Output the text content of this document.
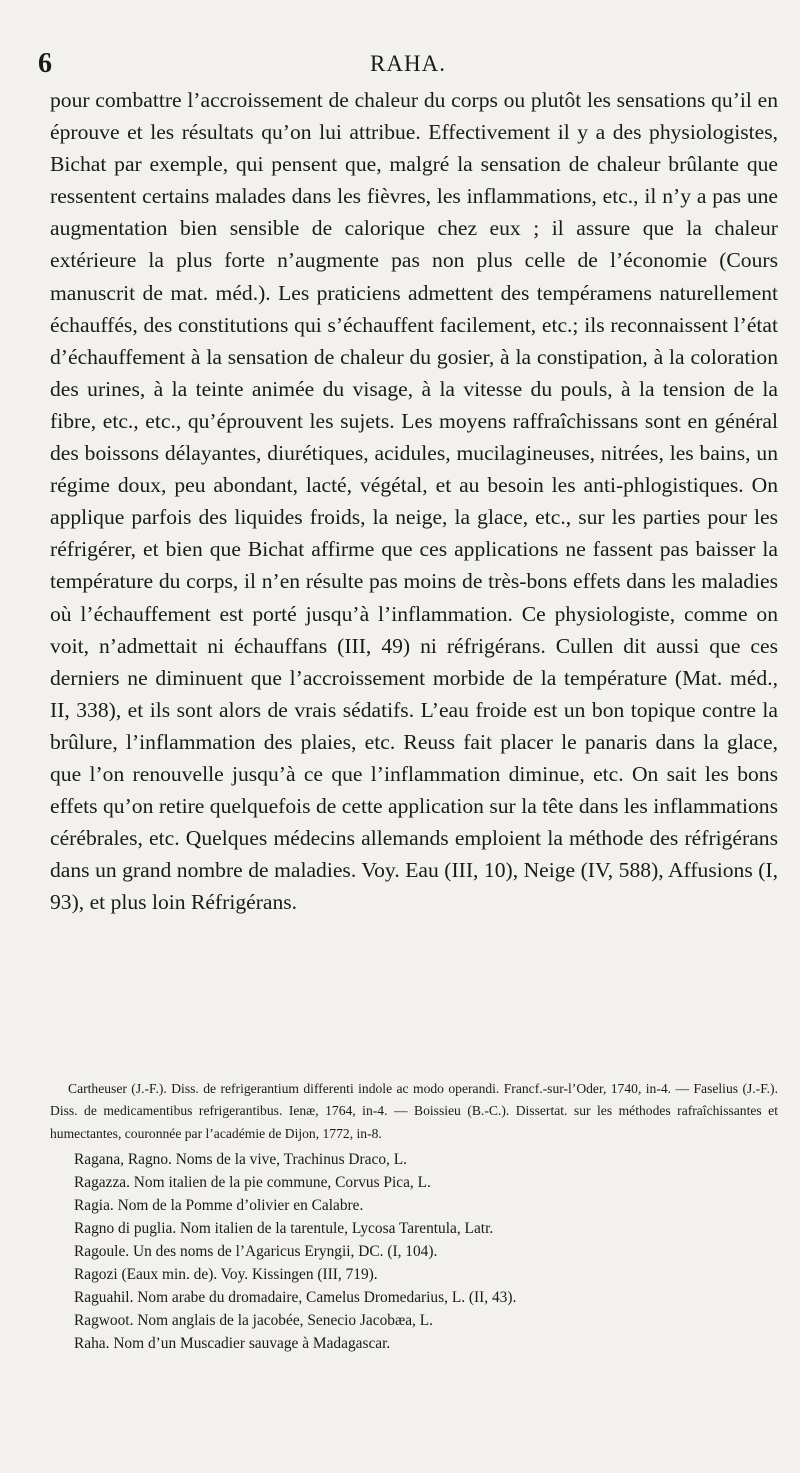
6	RAHA.

pour combattre l’accroissement de chaleur du corps ou plutôt les sensations qu’il en éprouve et les résultats qu’on lui attribue. Effectivement il y a des physiologistes, Bichat par exemple, qui pensent que, malgré la sensation de chaleur brûlante que ressentent certains malades dans les fièvres, les inflammations, etc., il n’y a pas une augmentation bien sensible de calorique chez eux ; il assure que la chaleur extérieure la plus forte n’augmente pas non plus celle de l’économie (Cours manuscrit de mat. méd.). Les praticiens admettent des tempéramens naturellement échauffés, des constitutions qui s’échauffent facilement, etc.; ils reconnaissent l’état d’échauffement à la sensation de chaleur du gosier, à la constipation, à la coloration des urines, à la teinte animée du visage, à la vitesse du pouls, à la tension de la fibre, etc., etc., qu’éprouvent les sujets. Les moyens raffraîchissans sont en général des boissons délayantes, diurétiques, acidules, mucilagineuses, nitrées, les bains, un régime doux, peu abondant, lacté, végétal, et au besoin les anti-phlogistiques. On applique parfois des liquides froids, la neige, la glace, etc., sur les parties pour les réfrigérer, et bien que Bichat affirme que ces applications ne fassent pas baisser la température du corps, il n’en résulte pas moins de très-bons effets dans les maladies où l’échauffement est porté jusqu’à l’inflammation. Ce physiologiste, comme on voit, n’admettait ni échauffans (III, 49) ni réfrigérans. Cullen dit aussi que ces derniers ne diminuent que l’accroissement morbide de la température (Mat. méd., II, 338), et ils sont alors de vrais sédatifs. L’eau froide est un bon topique contre la brûlure, l’inflammation des plaies, etc. Reuss fait placer le panaris dans la glace, que l’on renouvelle jusqu’à ce que l’inflammation diminue, etc. On sait les bons effets qu’on retire quelquefois de cette application sur la tête dans les inflammations cérébrales, etc. Quelques médecins allemands emploient la méthode des réfrigérans dans un grand nombre de maladies. Voy. Eau (III, 10), Neige (IV, 588), Affusions (I, 93), et plus loin Réfrigérans.

Cartheuser (J.-F.). Diss. de refrigerantium differenti indole ac modo operandi. Francf.-sur-l’Oder, 1740, in-4. — Faselius (J.-F.). Diss. de medicamentibus refrigerantibus. Ienæ, 1764, in-4. — Boissieu (B.-C.). Dissertat. sur les méthodes rafraîchissantes et humectantes, couronnée par l’académie de Dijon, 1772, in-8.

Ragana, Ragno. Noms de la vive, Trachinus Draco, L.
Ragazza. Nom italien de la pie commune, Corvus Pica, L.
Ragia. Nom de la Pomme d’olivier en Calabre.
Ragno di puglia. Nom italien de la tarentule, Lycosa Tarentula, Latr.
Ragoule. Un des noms de l’Agaricus Eryngii, DC. (I, 104).
Ragozi (Eaux min. de). Voy. Kissingen (III, 719).
Raguahil. Nom arabe du dromadaire, Camelus Dromedarius, L. (II, 43).
Ragwoot. Nom anglais de la jacobée, Senecio Jacobæa, L.
Raha. Nom d’un Muscadier sauvage à Madagascar.
